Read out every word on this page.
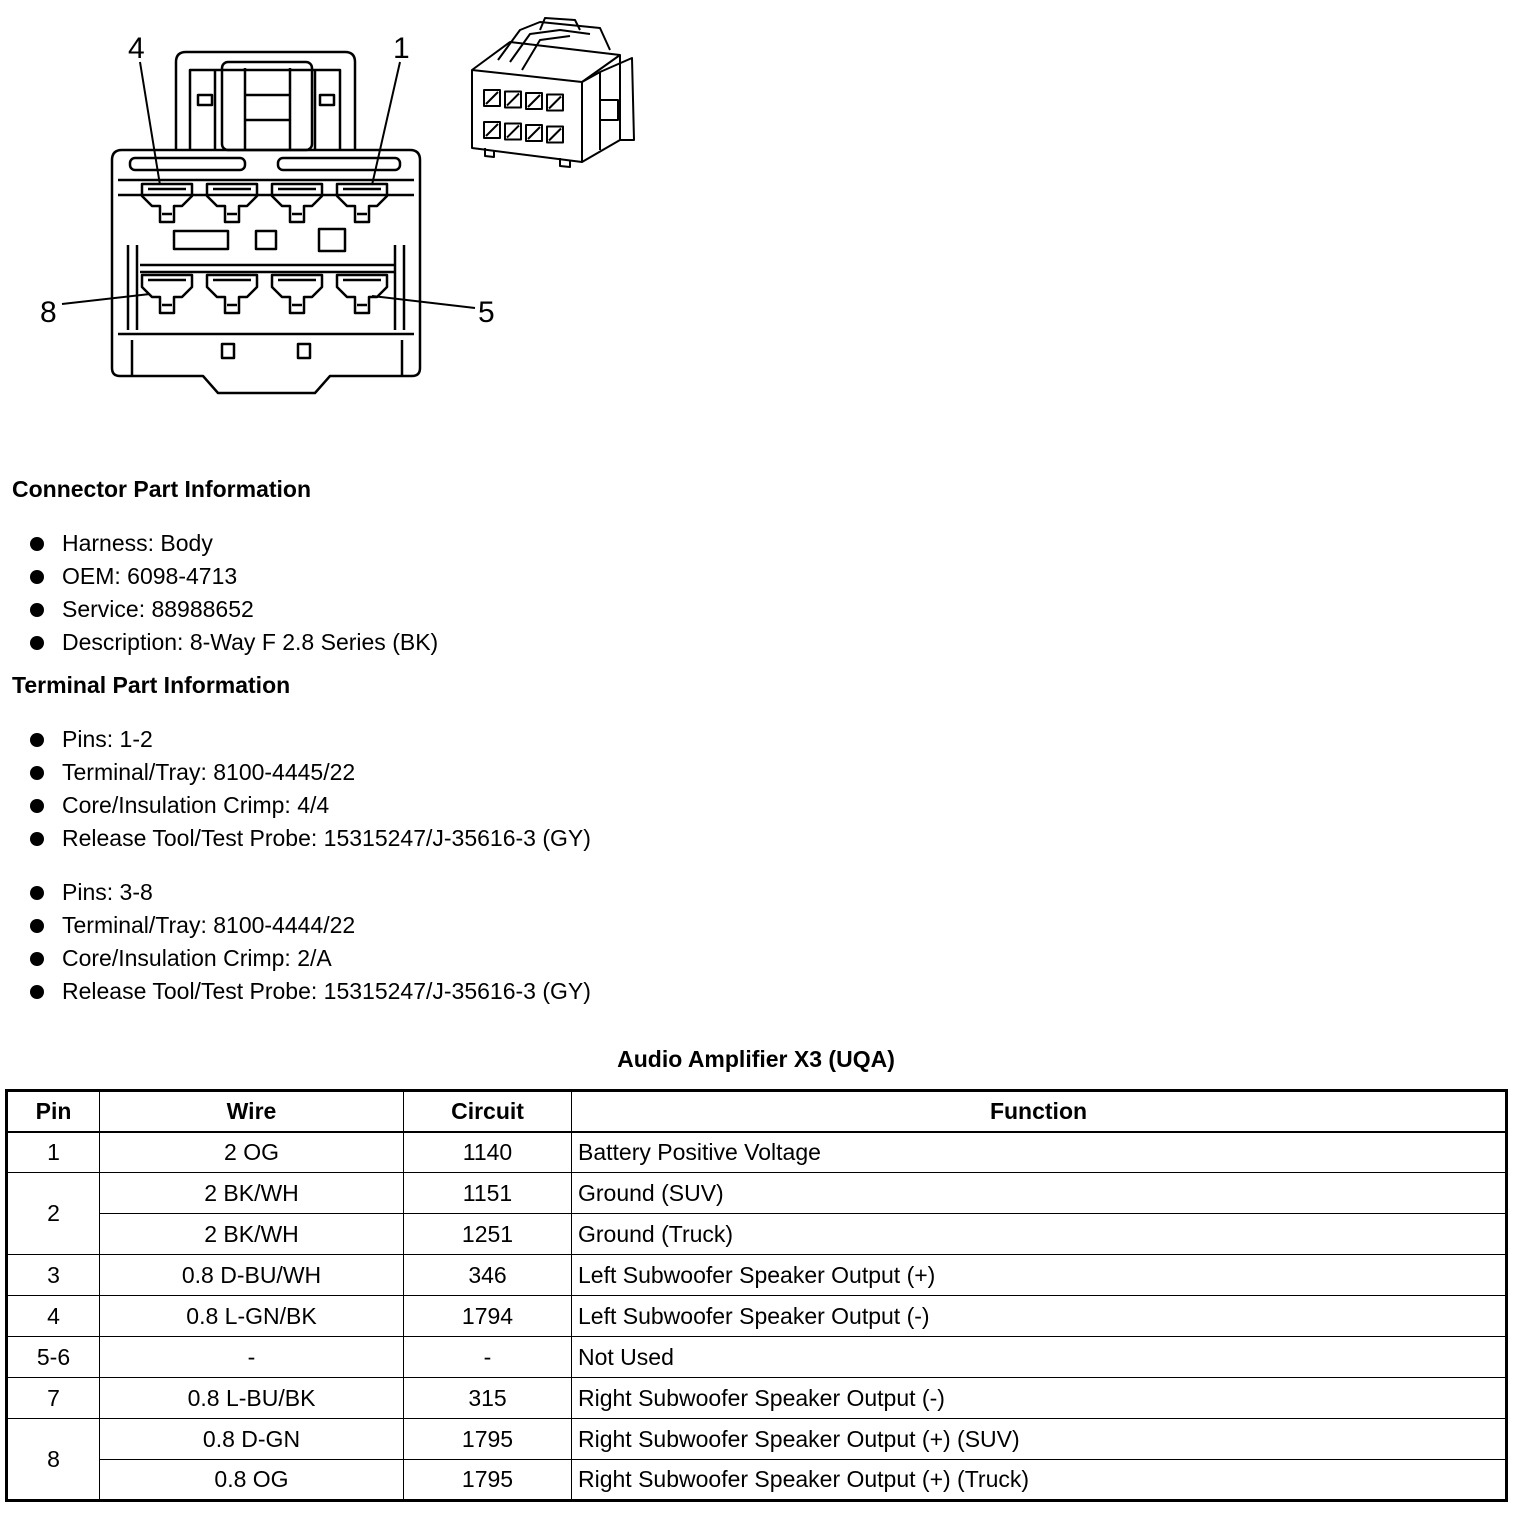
4	1
8	5
Connector Part Information
Harness: Body
OEM: 6098-4713
Service: 88988652
Description: 8-Way F 2.8 Series (BK)
Terminal Part Information
Pins: 1-2
Terminal/Tray: 8100-4445/22
Core/Insulation Crimp: 4/4
Release Tool/Test Probe: 15315247/J-35616-3 (GY)
Pins: 3-8
Terminal/Tray: 8100-4444/22
Core/Insulation Crimp: 2/A
Release Tool/Test Probe: 15315247/J-35616-3 (GY)
Audio Amplifier X3 (UQA)
Pin	Wire	Circuit	Function
1	2 OG	1140	Battery Positive Voltage
2	2 BK/WH	1151	Ground (SUV)
	2 BK/WH	1251	Ground (Truck)
3	0.8 D-BU/WH	346	Left Subwoofer Speaker Output (+)
4	0.8 L-GN/BK	1794	Left Subwoofer Speaker Output (-)
5-6	-	-	Not Used
7	0.8 L-BU/BK	315	Right Subwoofer Speaker Output (-)
8	0.8 D-GN	1795	Right Subwoofer Speaker Output (+) (SUV)
	0.8 OG	1795	Right Subwoofer Speaker Output (+) (Truck)
